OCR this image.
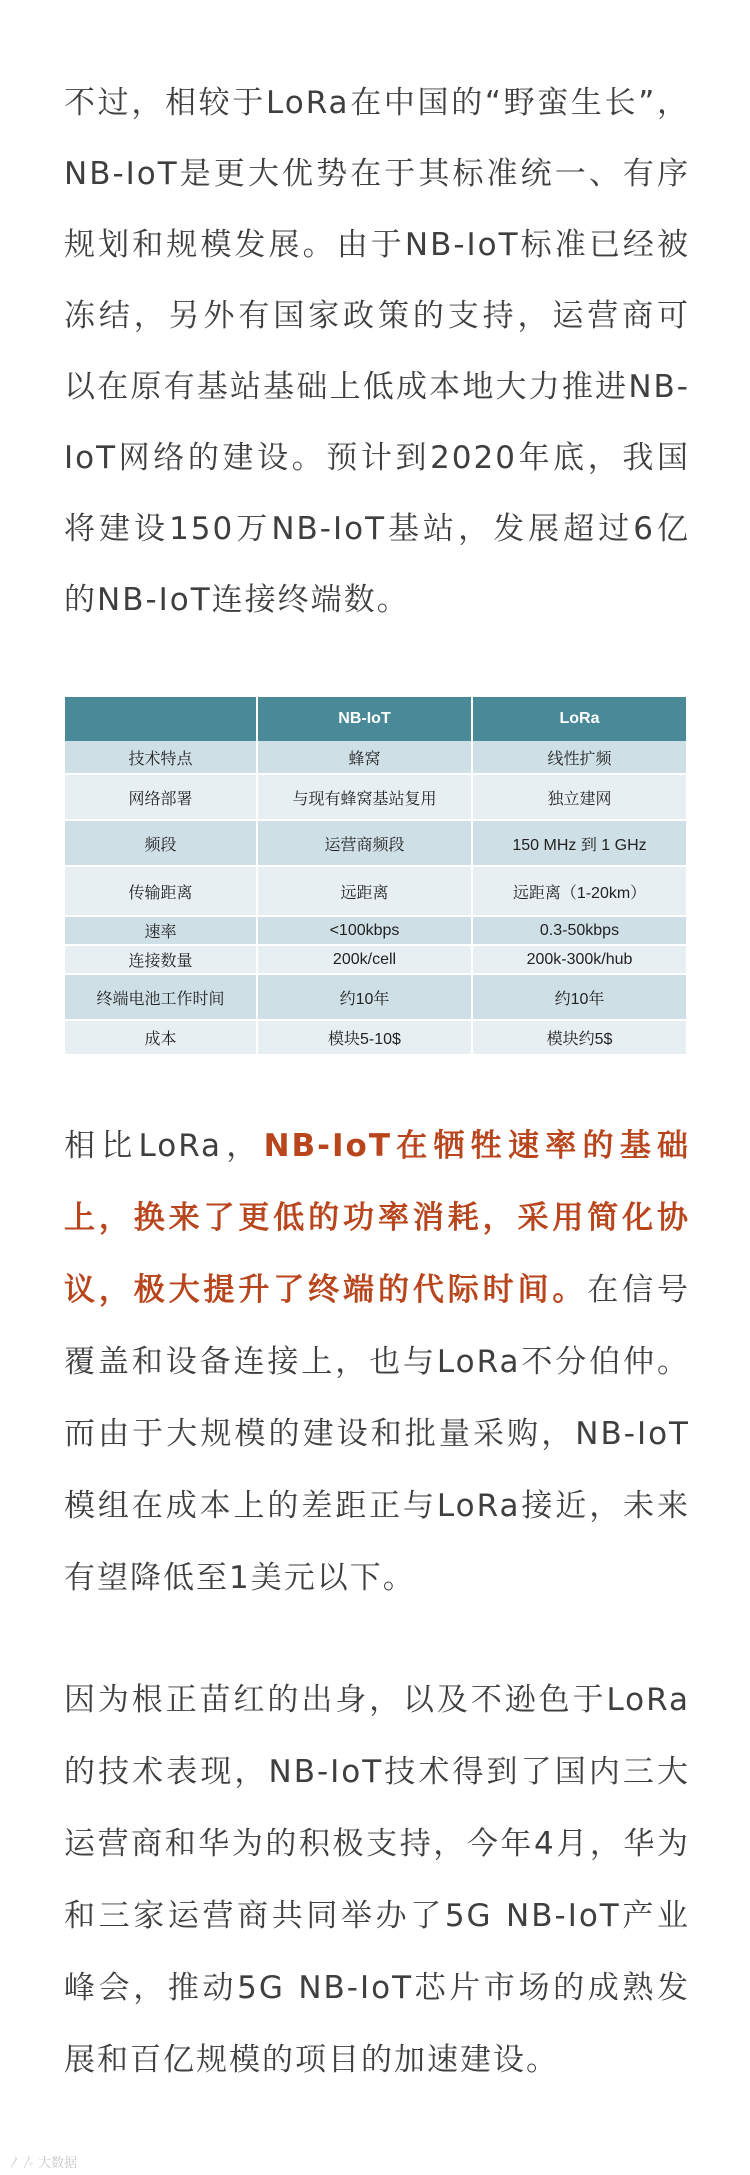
不过，相较于LoRa在中国的“野蛮生长”，NB-IoT是更大优势在于其标准统一、有序规划和规模发展。由于NB-IoT标准已经被冻结，另外有国家政策的支持，运营商可以在原有基站基础上低成本地大力推进NB-IoT网络的建设。预计到2020年底，我国将建设150万NB-IoT基站，发展超过6亿的NB-IoT连接终端数。

	NB-IoT	LoRa
技术特点	蜂窝	线性扩频
网络部署	与现有蜂窝基站复用	独立建网
频段	运营商频段	150 MHz 到 1 GHz
传输距离	远距离	远距离（1-20km）
速率	<100kbps	0.3-50kbps
连接数量	200k/cell	200k-300k/hub
终端电池工作时间	约10年	约10年
成本	模块5-10$	模块约5$

相比LoRa，NB-IoT在牺牲速率的基础上，换来了更低的功率消耗，采用简化协议，极大提升了终端的代际时间。在信号覆盖和设备连接上，也与LoRa不分伯仲。而由于大规模的建设和批量采购，NB-IoT模组在成本上的差距正与LoRa接近，未来有望降低至1美元以下。

因为根正苗红的出身，以及不逊色于LoRa的技术表现，NB-IoT技术得到了国内三大运营商和华为的积极支持，今年4月，华为和三家运营商共同举办了5G NB-IoT产业峰会，推动5G NB-IoT芯片市场的成熟发展和百亿规模的项目的加速建设。

〳〴 大数据
